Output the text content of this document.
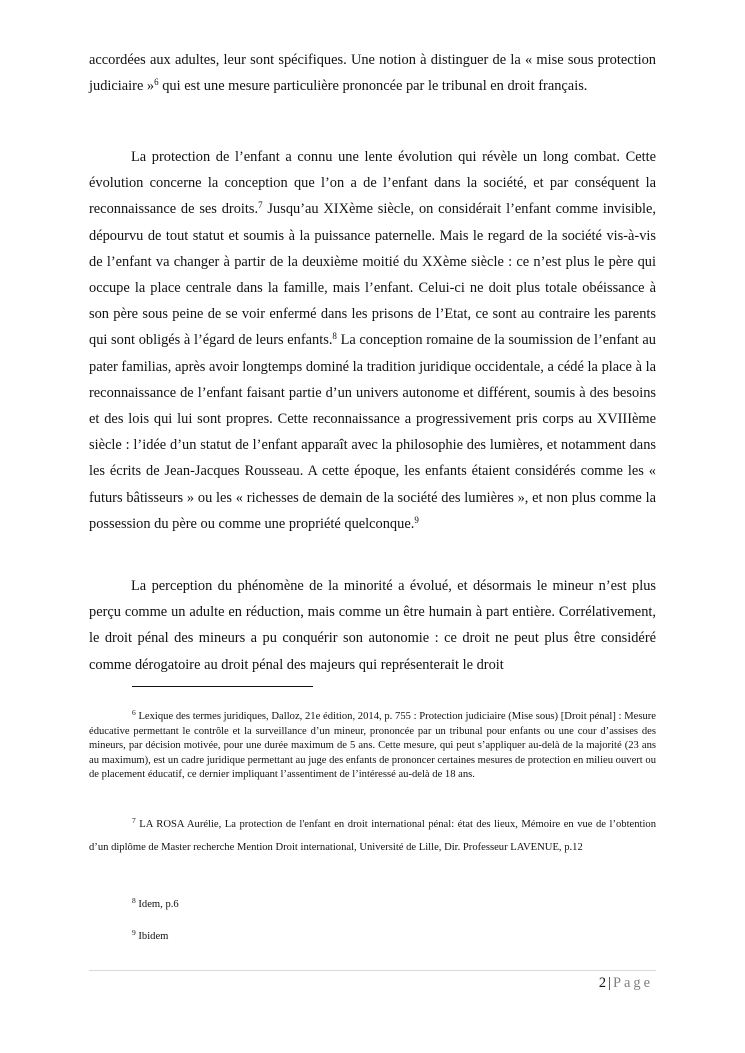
accordées aux adultes, leur sont spécifiques. Une notion à distinguer de la « mise sous protection judiciaire »$^6$ qui est une mesure particulière prononcée par le tribunal en droit français.

La protection de l’enfant a connu une lente évolution qui révèle un long combat. Cette évolution concerne la conception que l’on a de l’enfant dans la société, et par conséquent la reconnaissance de ses droits.$^7$ Jusqu’au XIXème siècle, on considérait l’enfant comme invisible, dépourvu de tout statut et soumis à la puissance paternelle. Mais le regard de la société vis-à-vis de l’enfant va changer à partir de la deuxième moitié du XXème siècle : ce n’est plus le père qui occupe la place centrale dans la famille, mais l’enfant. Celui-ci ne doit plus totale obéissance à son père sous peine de se voir enfermé dans les prisons de l’Etat, ce sont au contraire les parents qui sont obligés à l’égard de leurs enfants.$^8$ La conception romaine de la soumission de l’enfant au pater familias, après avoir longtemps dominé la tradition juridique occidentale, a cédé la place à la reconnaissance de l’enfant faisant partie d’un univers autonome et différent, soumis à des besoins et des lois qui lui sont propres. Cette reconnaissance a progressivement pris corps au XVIIIème siècle : l’idée d’un statut de l’enfant apparaît avec la philosophie des lumières, et notamment dans les écrits de Jean-Jacques Rousseau. A cette époque, les enfants étaient considérés comme les « futurs bâtisseurs » ou les « richesses de demain de la société des lumières », et non plus comme la possession du père ou comme une propriété quelconque.$^9$

La perception du phénomène de la minorité a évolué, et désormais le mineur n’est plus perçu comme un adulte en réduction, mais comme un être humain à part entière. Corrélativement, le droit pénal des mineurs a pu conquérir son autonomie : ce droit ne peut plus être considéré comme dérogatoire au droit pénal des majeurs qui représenterait le droit

$^6$ Lexique des termes juridiques, Dalloz, 21e édition, 2014, p. 755 : Protection judiciaire (Mise sous) [Droit pénal] : Mesure éducative permettant le contrôle et la surveillance d’un mineur, prononcée par un tribunal pour enfants ou une cour d’assises des mineurs, par décision motivée, pour une durée maximum de 5 ans. Cette mesure, qui peut s’appliquer au-delà de la majorité (23 ans au maximum), est un cadre juridique permettant au juge des enfants de prononcer certaines mesures de protection en milieu ouvert ou de placement éducatif, ce dernier impliquant l’assentiment de l’intéressé au-delà de 18 ans.

$^7$ LA ROSA Aurélie, La protection de l'enfant en droit international pénal: état des lieux, Mémoire en vue de l’obtention d’un diplôme de Master recherche Mention Droit international, Université de Lille, Dir. Professeur LAVENUE, p.12

$^8$ Idem, p.6

$^9$ Ibidem

2 | Page
